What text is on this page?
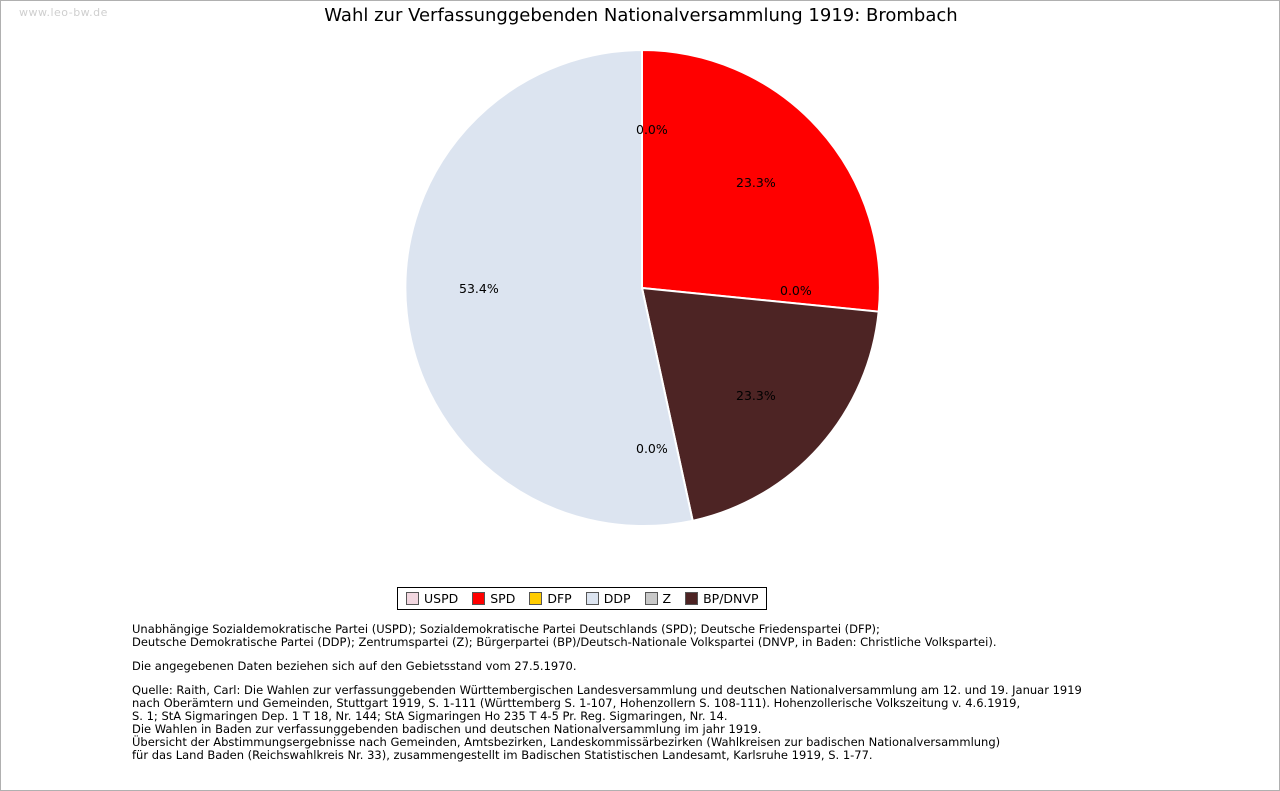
www.leo-bw.de	Wahl zur Verfassunggebenden Nationalversammlung 1919: Brombach
0.0%
23.3%
0.0%
53.4%
0.0%
23.3%
USPD	SPD	DFP	DDP	Z	BP/DNVP
Unabhängige Sozialdemokratische Partei (USPD); Sozialdemokratische Partei Deutschlands (SPD); Deutsche Friedenspartei (DFP);
Deutsche Demokratische Partei (DDP); Zentrumspartei (Z); Bürgerpartei (BP)/Deutsch-Nationale Volkspartei (DNVP, in Baden: Christliche Volkspartei).
Die angegebenen Daten beziehen sich auf den Gebietsstand vom 27.5.1970.
Quelle: Raith, Carl: Die Wahlen zur verfassunggebenden Württembergischen Landesversammlung und deutschen Nationalversammlung am 12. und 19. Januar 1919
nach Oberämtern und Gemeinden, Stuttgart 1919, S. 1-111 (Württemberg S. 1-107, Hohenzollern S. 108-111). Hohenzollerische Volkszeitung v. 4.6.1919,
S. 1; StA Sigmaringen Dep. 1 T 18, Nr. 144; StA Sigmaringen Ho 235 T 4-5 Pr. Reg. Sigmaringen, Nr. 14.
Die Wahlen in Baden zur verfassunggebenden badischen und deutschen Nationalversammlung im jahr 1919.
Übersicht der Abstimmungsergebnisse nach Gemeinden, Amtsbezirken, Landeskommissärbezirken (Wahlkreisen zur badischen Nationalversammlung)
für das Land Baden (Reichswahlkreis Nr. 33), zusammengestellt im Badischen Statistischen Landesamt, Karlsruhe 1919, S. 1-77.
